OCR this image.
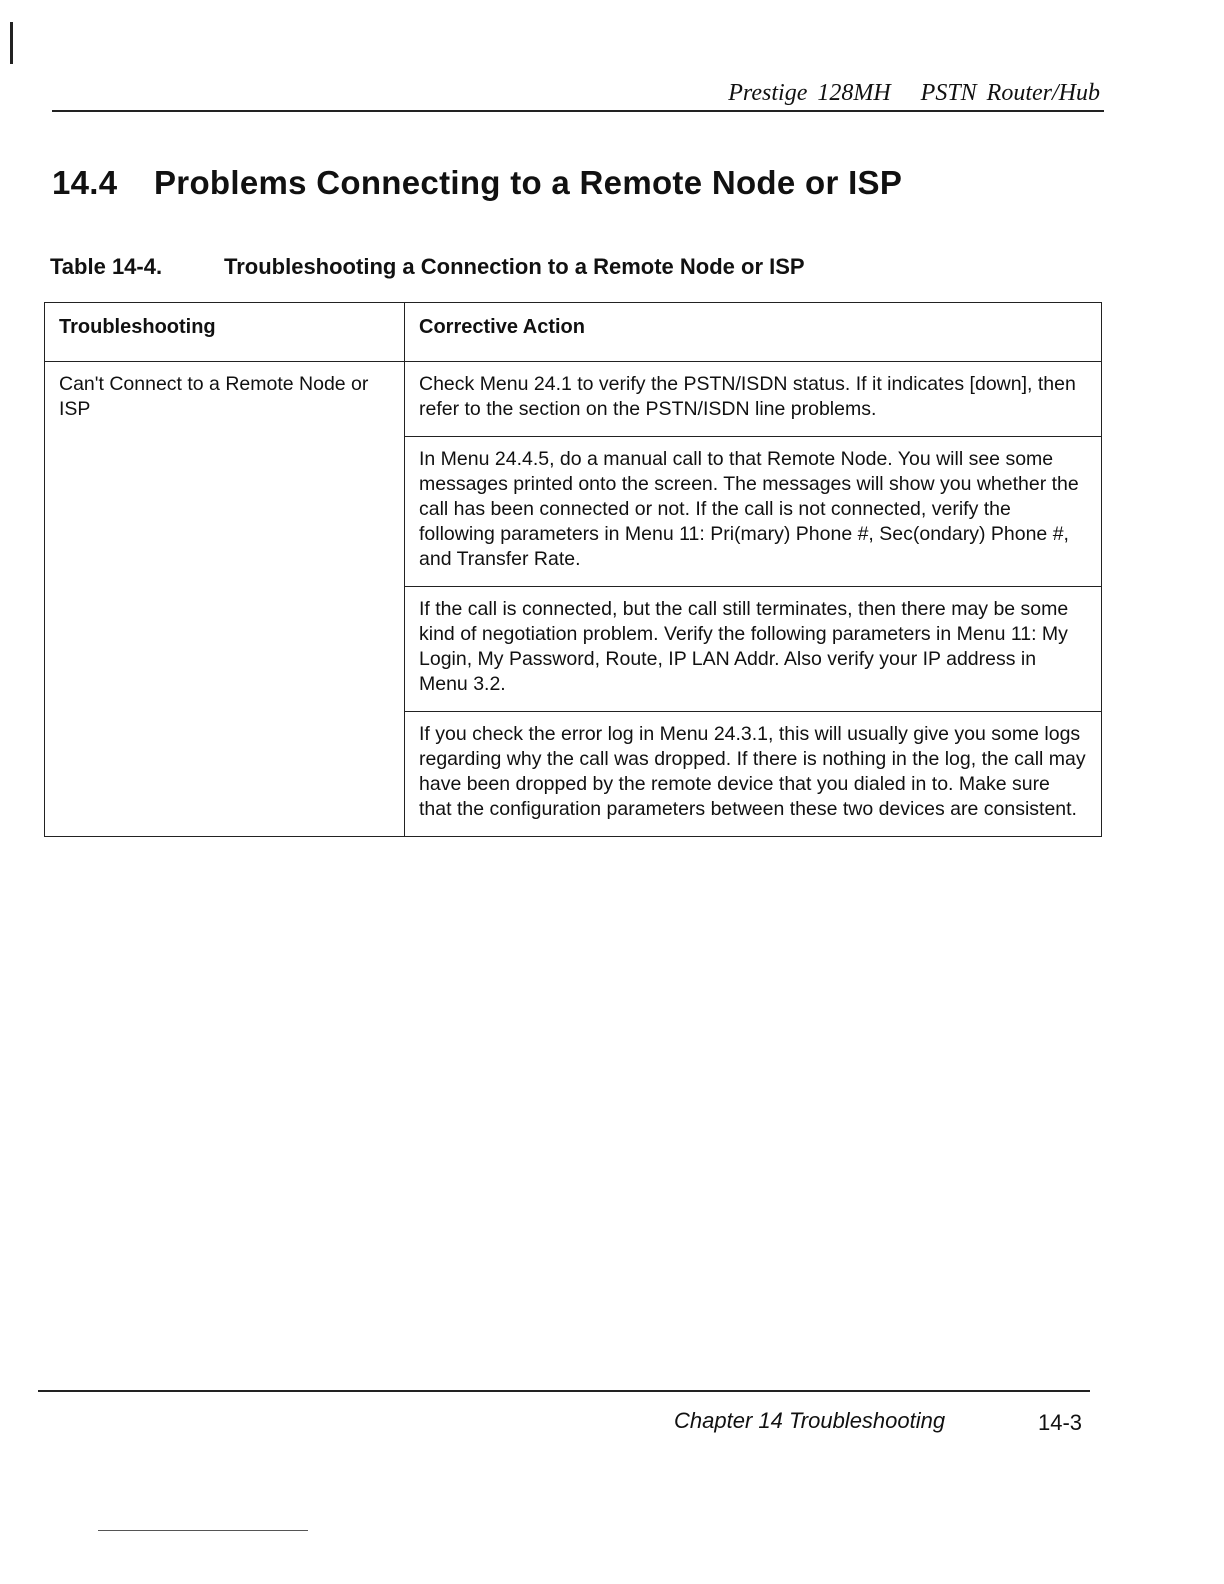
Prestige 128MH   PSTN Router/Hub
14.4 Problems Connecting to a Remote Node or ISP
Table 14-4.	Troubleshooting a Connection to a Remote Node or ISP
Troubleshooting	Corrective Action
Can't Connect to a Remote Node or ISP	Check Menu 24.1 to verify the PSTN/ISDN status. If it indicates [down], then refer to the section on the PSTN/ISDN line problems.
	In Menu 24.4.5, do a manual call to that Remote Node. You will see some messages printed onto the screen. The messages will show you whether the call has been connected or not. If the call is not connected, verify the following parameters in Menu 11: Pri(mary) Phone #, Sec(ondary) Phone #, and Transfer Rate.
	If the call is connected, but the call still terminates, then there may be some kind of negotiation problem. Verify the following parameters in Menu 11: My Login, My Password, Route, IP LAN Addr. Also verify your IP address in Menu 3.2.
	If you check the error log in Menu 24.3.1, this will usually give you some logs regarding why the call was dropped. If there is nothing in the log, the call may have been dropped by the remote device that you dialed in to. Make sure that the configuration parameters between these two devices are consistent.
Chapter 14 Troubleshooting	14-3
